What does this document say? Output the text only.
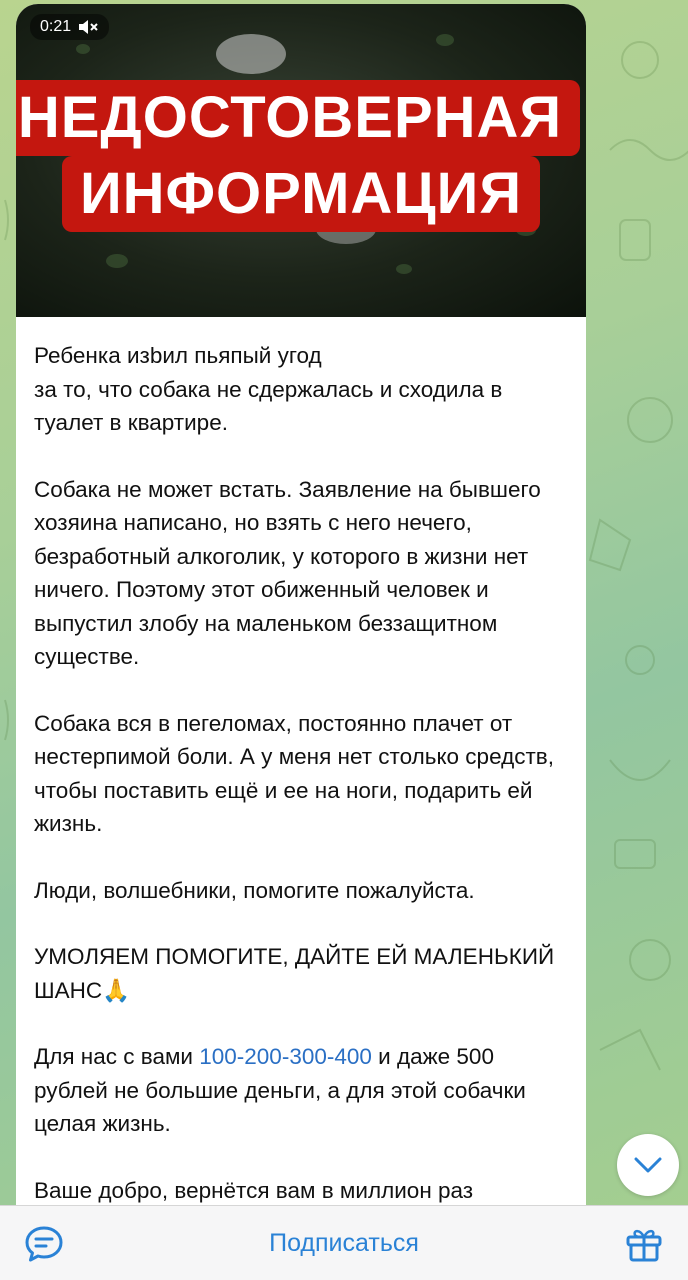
0:21
НЕДОСТОВЕРНАЯ
ИНФОРМАЦИЯ

Ребенка изbил пьяпый угод
за то, что собака не сдержалась и сходила в туалет в квартире.

Собака не может встать. Заявление на бывшего хозяина написано, но взять с него нечего, безработный алкоголик, у которого в жизни нет ничего. Поэтому этот обиженный человек и выпустил злобу на маленьком беззащитном существе.

Собака вся в пегеломах, постоянно плачет от нестерпимой боли. А у меня нет столько средств, чтобы поставить ещё и ее на ноги, подарить ей жизнь.

Люди, волшебники, помогите пожалуйста.

УМОЛЯЕМ ПОМОГИТЕ, ДАЙТЕ ЕЙ МАЛЕНЬКИЙ ШАНС🙏

Для нас с вами 100-200-300-400 и даже 500 рублей не большие деньги, а для этой собачки целая жизнь.

Ваше добро, вернётся вам в миллион раз

Подписаться
